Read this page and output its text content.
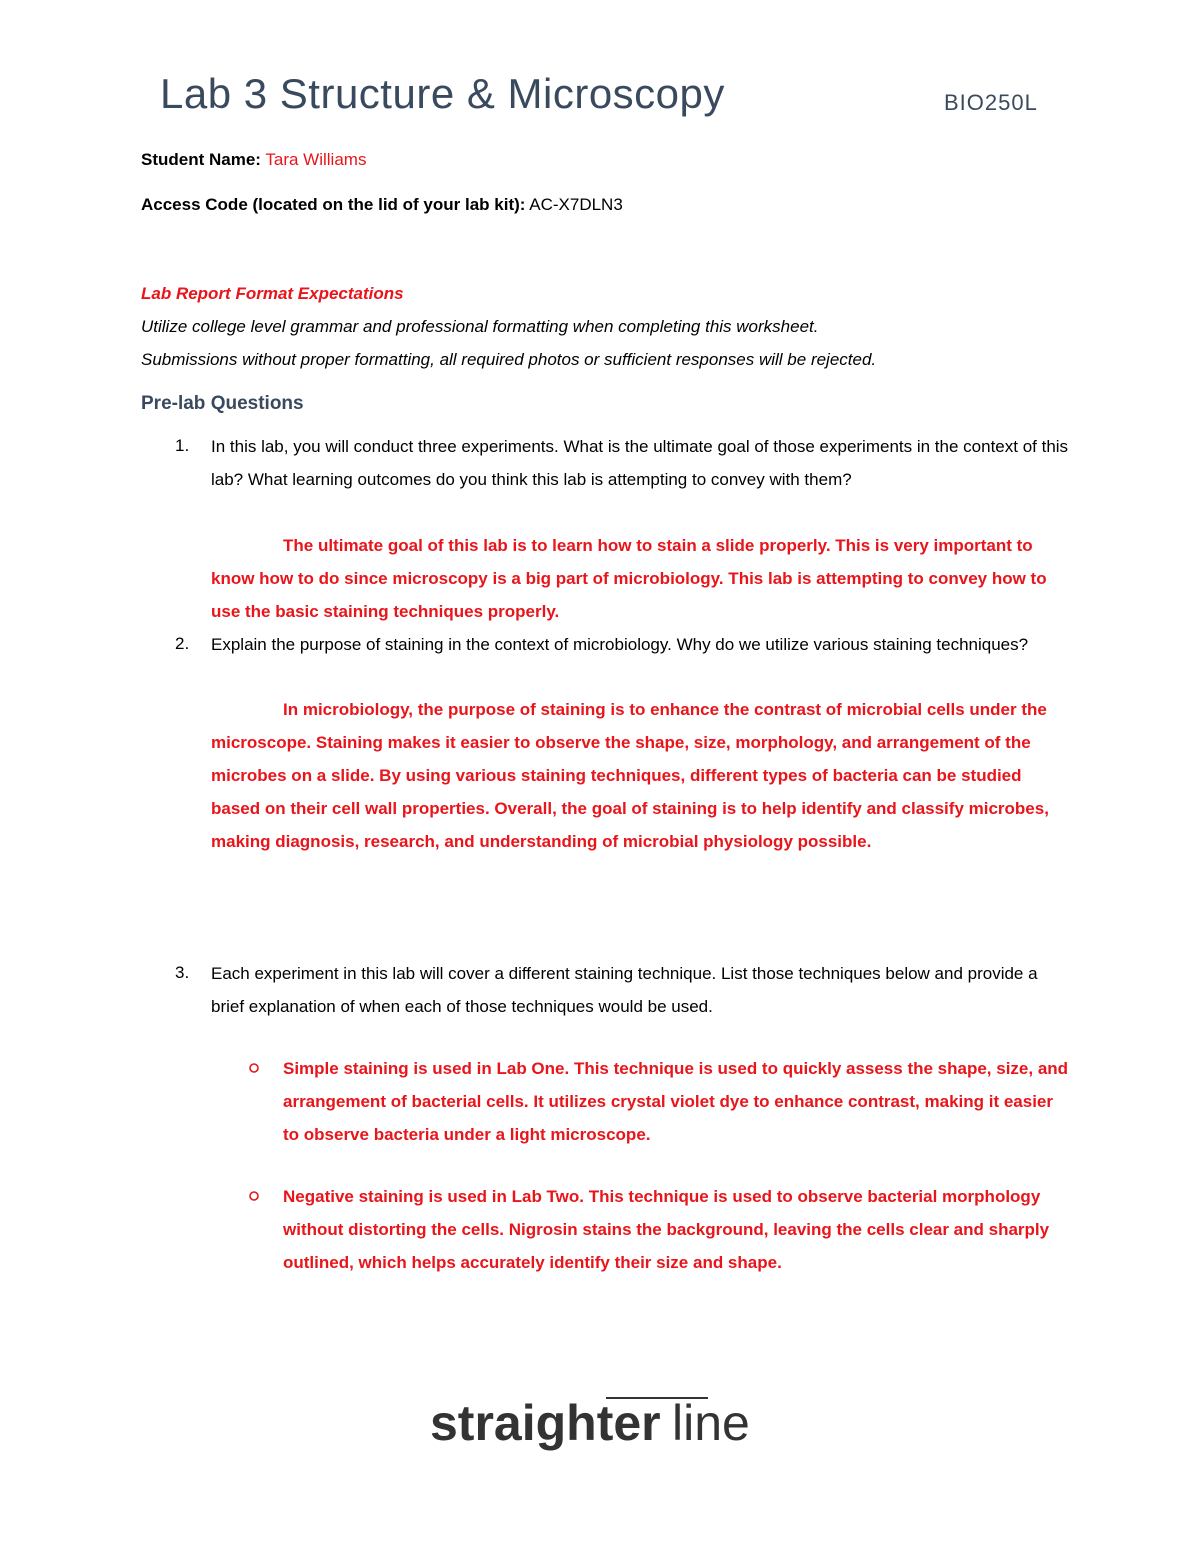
Lab 3 Structure & Microscopy	BIO250L
Student Name: Tara Williams
Access Code (located on the lid of your lab kit): AC-X7DLN3
Lab Report Format Expectations
Utilize college level grammar and professional formatting when completing this worksheet.
Submissions without proper formatting, all required photos or sufficient responses will be rejected.
Pre-lab Questions
1. In this lab, you will conduct three experiments. What is the ultimate goal of those experiments in the context of this lab? What learning outcomes do you think this lab is attempting to convey with them?
The ultimate goal of this lab is to learn how to stain a slide properly. This is very important to know how to do since microscopy is a big part of microbiology. This lab is attempting to convey how to use the basic staining techniques properly.
2. Explain the purpose of staining in the context of microbiology. Why do we utilize various staining techniques?
In microbiology, the purpose of staining is to enhance the contrast of microbial cells under the microscope. Staining makes it easier to observe the shape, size, morphology, and arrangement of the microbes on a slide. By using various staining techniques, different types of bacteria can be studied based on their cell wall properties. Overall, the goal of staining is to help identify and classify microbes, making diagnosis, research, and understanding of microbial physiology possible.
3. Each experiment in this lab will cover a different staining technique. List those techniques below and provide a brief explanation of when each of those techniques would be used.
Simple staining is used in Lab One. This technique is used to quickly assess the shape, size, and arrangement of bacterial cells. It utilizes crystal violet dye to enhance contrast, making it easier to observe bacteria under a light microscope.
Negative staining is used in Lab Two. This technique is used to observe bacterial morphology without distorting the cells. Nigrosin stains the background, leaving the cells clear and sharply outlined, which helps accurately identify their size and shape.
straighter line
